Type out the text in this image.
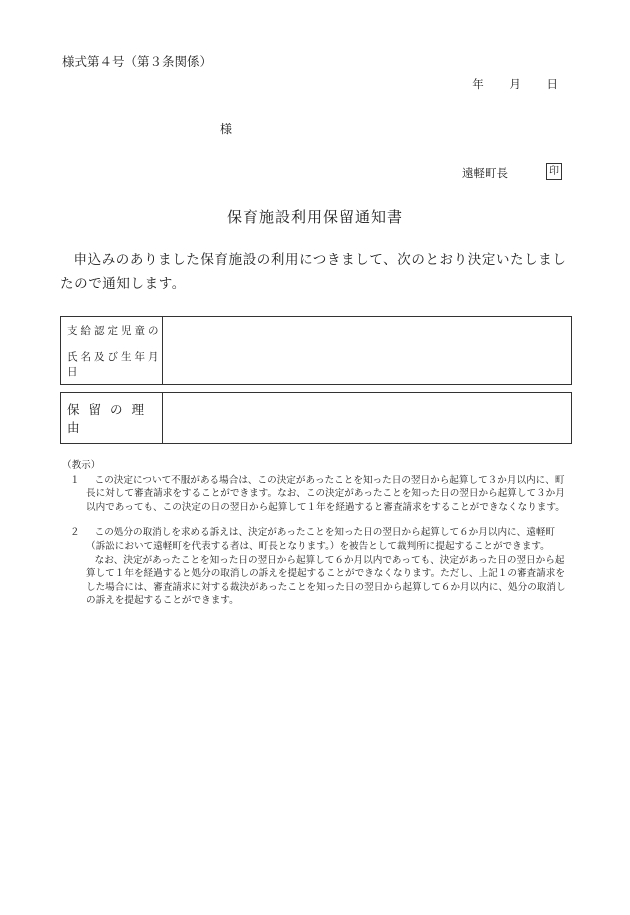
様式第４号（第３条関係）
年 月 日
様
遠軽町長	印
保育施設利用保留通知書
申込みのありました保育施設の利用につきまして、次のとおり決定いたしましたので通知します。
支給認定児童の
氏名及び生年月日
保留の理由
（教示）
１	この決定について不服がある場合は、この決定があったことを知った日の翌日から起算して３か月以内に、町長に対して審査請求をすることができます。なお、この決定があったことを知った日の翌日から起算して３か月以内であっても、この決定の日の翌日から起算して１年を経過すると審査請求をすることができなくなります。

２	この処分の取消しを求める訴えは、決定があったことを知った日の翌日から起算して６か月以内に、遠軽町（訴訟において遠軽町を代表する者は、町長となります。）を被告として裁判所に提起することができます。

なお、決定があったことを知った日の翌日から起算して６か月以内であっても、決定があった日の翌日から起算して１年を経過すると処分の取消しの訴えを提起することができなくなります。ただし、上記１の審査請求をした場合には、審査請求に対する裁決があったことを知った日の翌日から起算して６か月以内に、処分の取消しの訴えを提起することができます。
